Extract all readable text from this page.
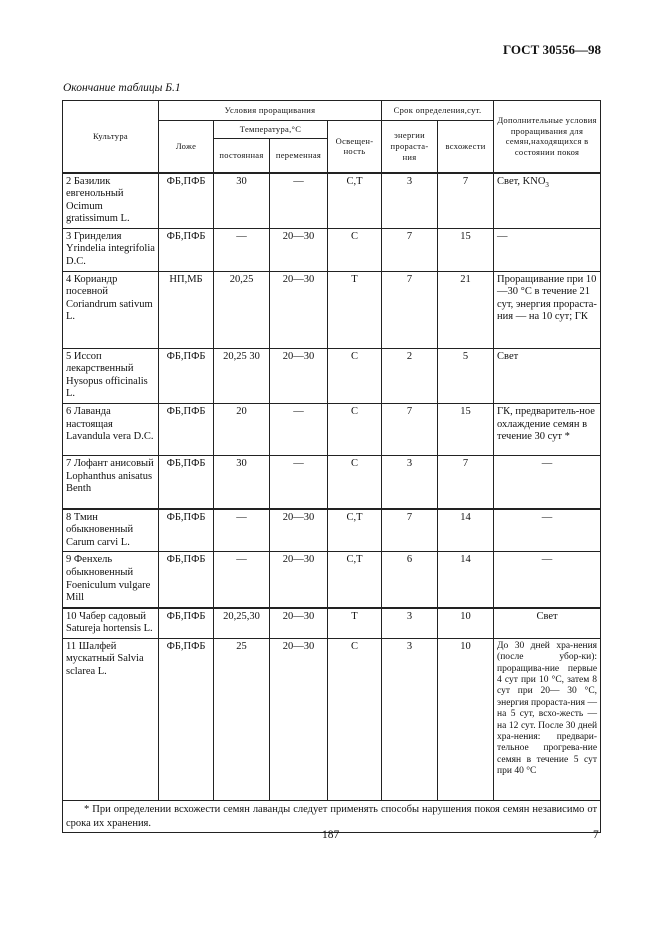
ГОСТ 30556—98
Окончание таблицы Б.1
Культура	Условия проращивания				Срок определения,сут.		Дополнительные условия проращивания для семян,находящихся в состоянии покоя
	Ложе	Температура,°С		Освещен-ность	энергии прораста-ния	всхожести	
		постоянная	переменная				
2 Базилик евгенольный Ocimum gratissimum L.	ФБ,ПФБ	30	—	С,Т	3	7	Свет, $KNO_3$
3 Гринделия Yrindelia integrifolia D.C.	ФБ,ПФБ	—	20—30	С	7	15	—
4 Кориандр посевной Coriandrum sativum L.	НП,МБ	20,25	20—30	Т	7	21	Проращивание при 10—30 °С в течение 21 сут, энергия прораста-ния — на 10 сут; ГК
5 Иссоп лекарственный Hysopus officinalis L.	ФБ,ПФБ	20,25 30	20—30	С	2	5	Свет
6 Лаванда настоящая Lavandula vera D.C.	ФБ,ПФБ	20	—	С	7	15	ГК, предваритель-ное охлаждение семян в течение 30 сут *
7 Лофант анисовый Lophanthus anisatus Benth	ФБ,ПФБ	30	—	С	3	7	—
8 Тмин обыкновенный Carum carvi L.	ФБ,ПФБ	—	20—30	С,Т	7	14	—
9 Фенхель обыкновенный Foeniculum vulgare Mill	ФБ,ПФБ	—	20—30	С,Т	6	14	—
10 Чабер садовый Satureja hortensis L.	ФБ,ПФБ	20,25,30	20—30	Т	3	10	Свет
11 Шалфей мускатный Salvia sclarea L.	ФБ,ПФБ	25	20—30	С	3	10	До 30 дней хра-нения (после убор-ки): проращива-ние первые 4 сут при 10 °С, затем 8 сут при 20— 30 °С, энергия прораста-ния — на 5 сут, всхо-жесть — на 12 сут. После 30 дней хра-нения: предвари-тельное прогрева-ние семян в течение 5 сут при 40 °С
* При определении всхожести семян лаванды следует применять способы нарушения покоя семян независимо от срока их хранения.							
187	7
